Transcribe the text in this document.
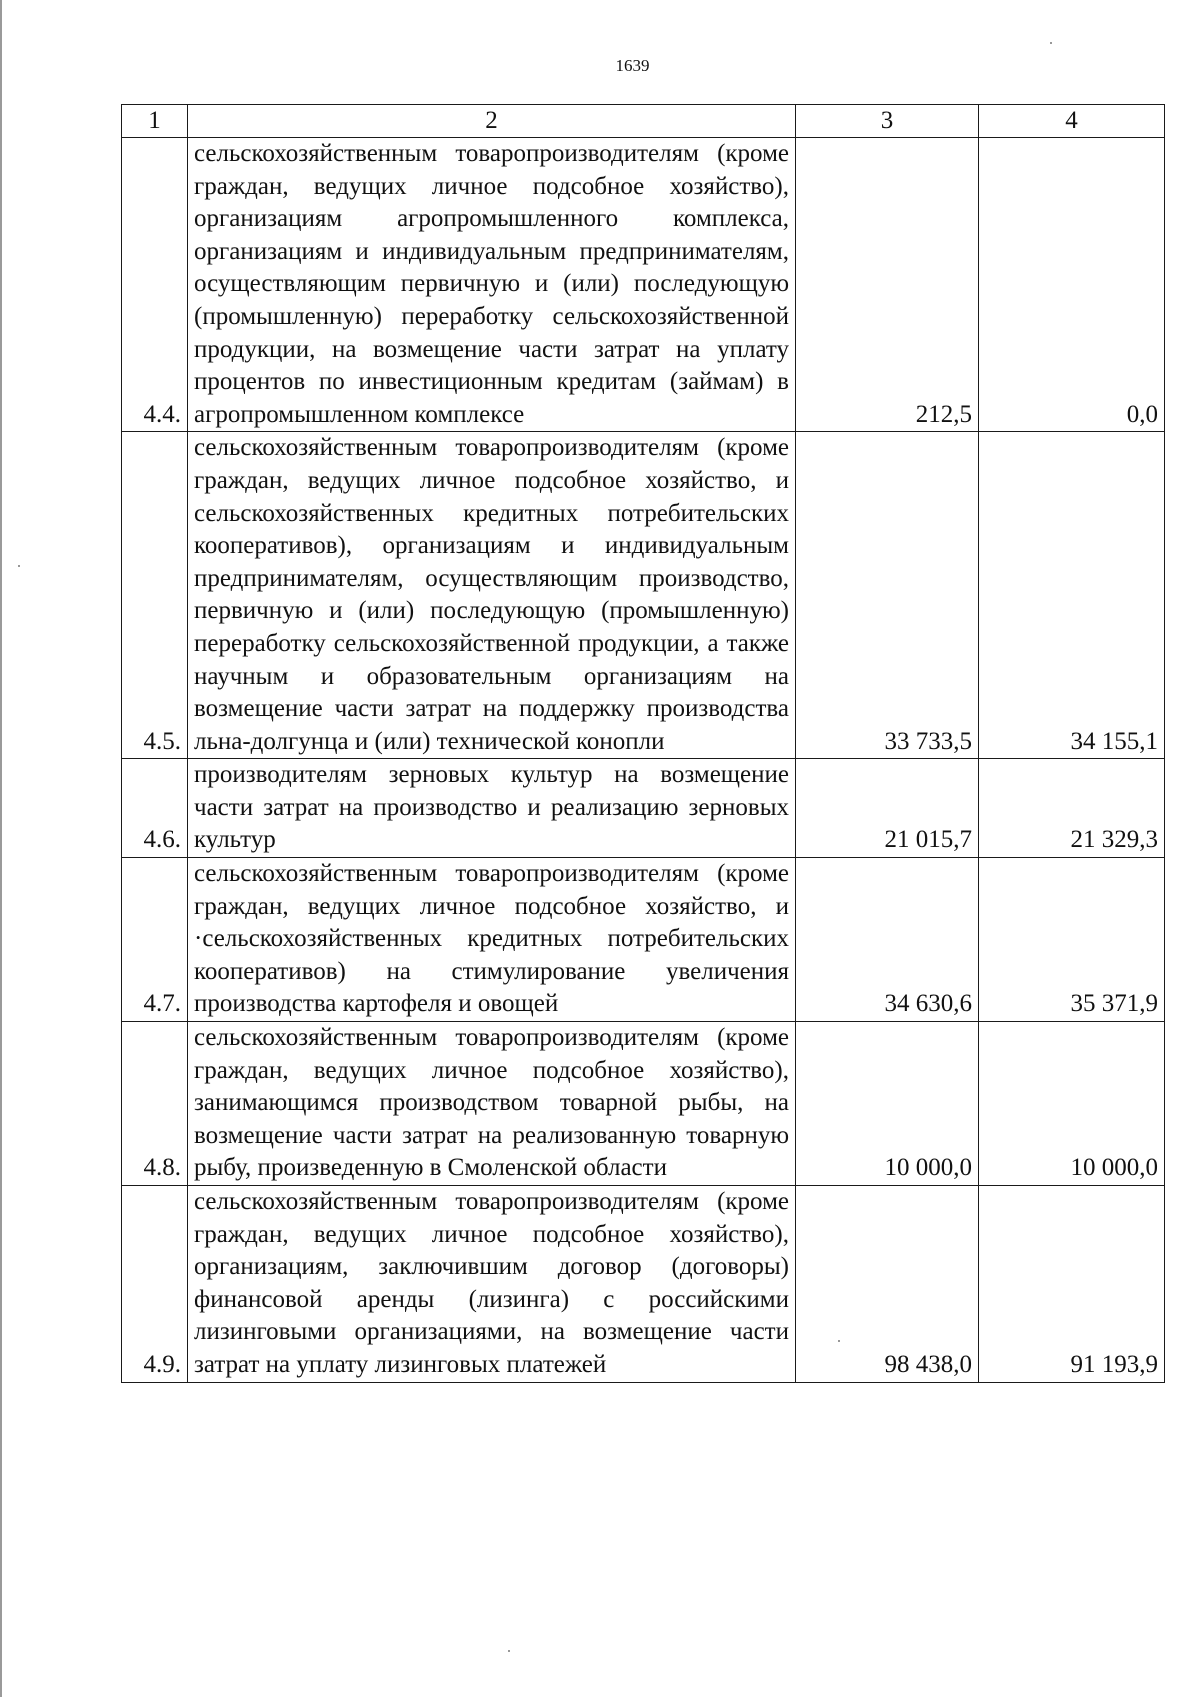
1639
1	2	3	4
4.4.	сельскохозяйственным товаропроизводителям (кроме граждан, ведущих личное подсобное хозяйство), организациям агропромышленного комплекса, организациям и индивидуальным предпринимателям, осуществляющим первичную и (или) последующую (промышленную) переработку сельскохозяйственной продукции, на возмещение части затрат на уплату процентов по инвестиционным кредитам (займам) в агропромышленном комплексе	212,5	0,0
4.5.	сельскохозяйственным товаропроизводителям (кроме граждан, ведущих личное подсобное хозяйство, и сельскохозяйственных кредитных потребительских кооперативов), организациям и индивидуальным предпринимателям, осуществляющим производство, первичную и (или) последующую (промышленную) переработку сельскохозяйственной продукции, а также научным и образовательным организациям на возмещение части затрат на поддержку производства льна-долгунца и (или) технической конопли	33 733,5	34 155,1
4.6.	производителям зерновых культур на возмещение части затрат на производство и реализацию зерновых культур	21 015,7	21 329,3
4.7.	сельскохозяйственным товаропроизводителям (кроме граждан, ведущих личное подсобное хозяйство, и ·сельскохозяйственных кредитных потребительских кооперативов) на стимулирование увеличения производства картофеля и овощей	34 630,6	35 371,9
4.8.	сельскохозяйственным товаропроизводителям (кроме граждан, ведущих личное подсобное хозяйство), занимающимся производством товарной рыбы, на возмещение части затрат на реализованную товарную рыбу, произведенную в Смоленской области	10 000,0	10 000,0
4.9.	сельскохозяйственным товаропроизводителям (кроме граждан, ведущих личное подсобное хозяйство), организациям, заключившим договор (договоры) финансовой аренды (лизинга) с российскими лизинговыми организациями, на возмещение части затрат на уплату лизинговых платежей	98 438,0	91 193,9
